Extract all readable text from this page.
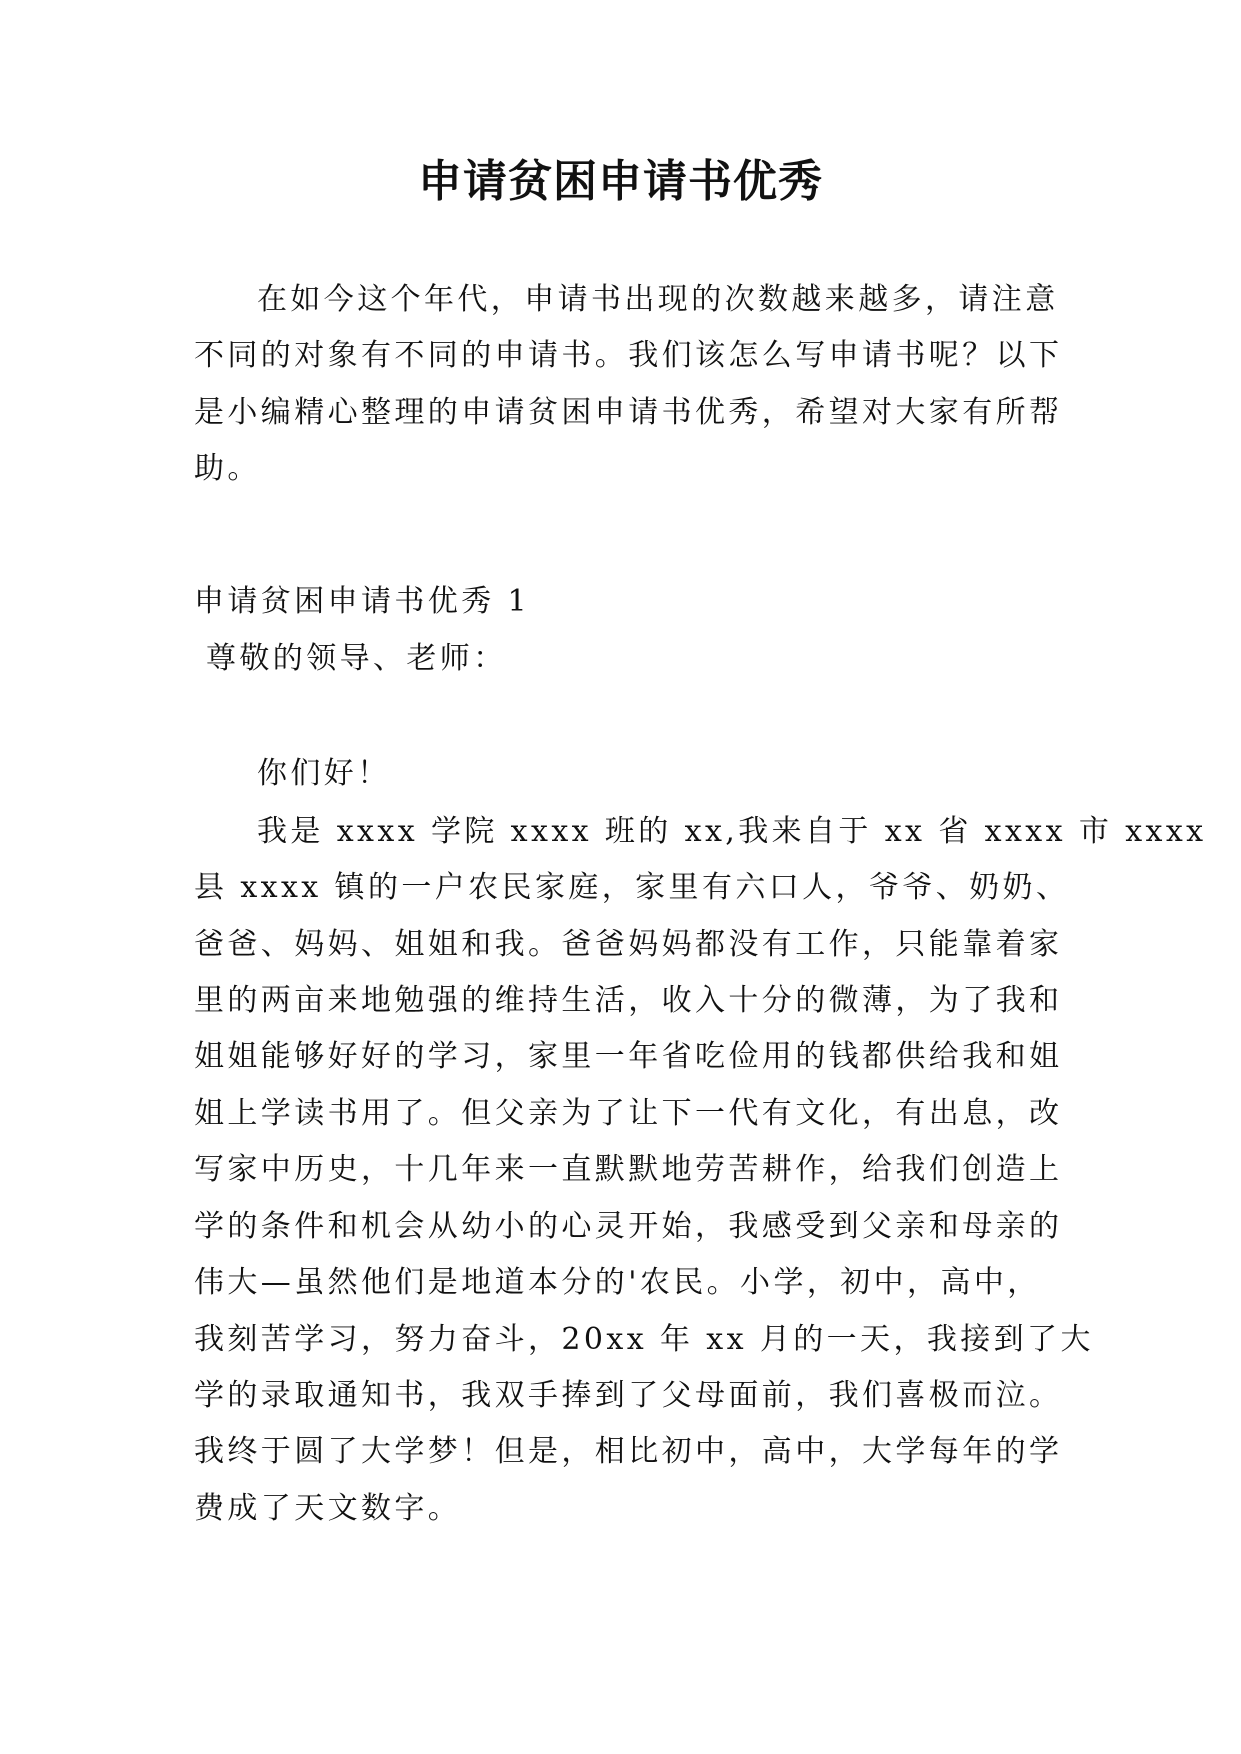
申请贫困申请书优秀
在如今这个年代，申请书出现的次数越来越多，请注意
不同的对象有不同的申请书。我们该怎么写申请书呢？以下
是小编精心整理的申请贫困申请书优秀，希望对大家有所帮
助。
申请贫困申请书优秀 1
尊敬的领导、老师：
你们好！
我是 xxxx 学院 xxxx 班的 xx,我来自于 xx 省 xxxx 市 xxxx
县 xxxx 镇的一户农民家庭，家里有六口人，爷爷、奶奶、
爸爸、妈妈、姐姐和我。爸爸妈妈都没有工作，只能靠着家
里的两亩来地勉强的维持生活，收入十分的微薄，为了我和
姐姐能够好好的学习，家里一年省吃俭用的钱都供给我和姐
姐上学读书用了。但父亲为了让下一代有文化，有出息，改
写家中历史，十几年来一直默默地劳苦耕作，给我们创造上
学的条件和机会从幼小的心灵开始，我感受到父亲和母亲的
伟大—虽然他们是地道本分的'农民。小学，初中，高中，
我刻苦学习，努力奋斗，20xx 年 xx 月的一天，我接到了大
学的录取通知书，我双手捧到了父母面前，我们喜极而泣。
我终于圆了大学梦！但是，相比初中，高中，大学每年的学
费成了天文数字。
